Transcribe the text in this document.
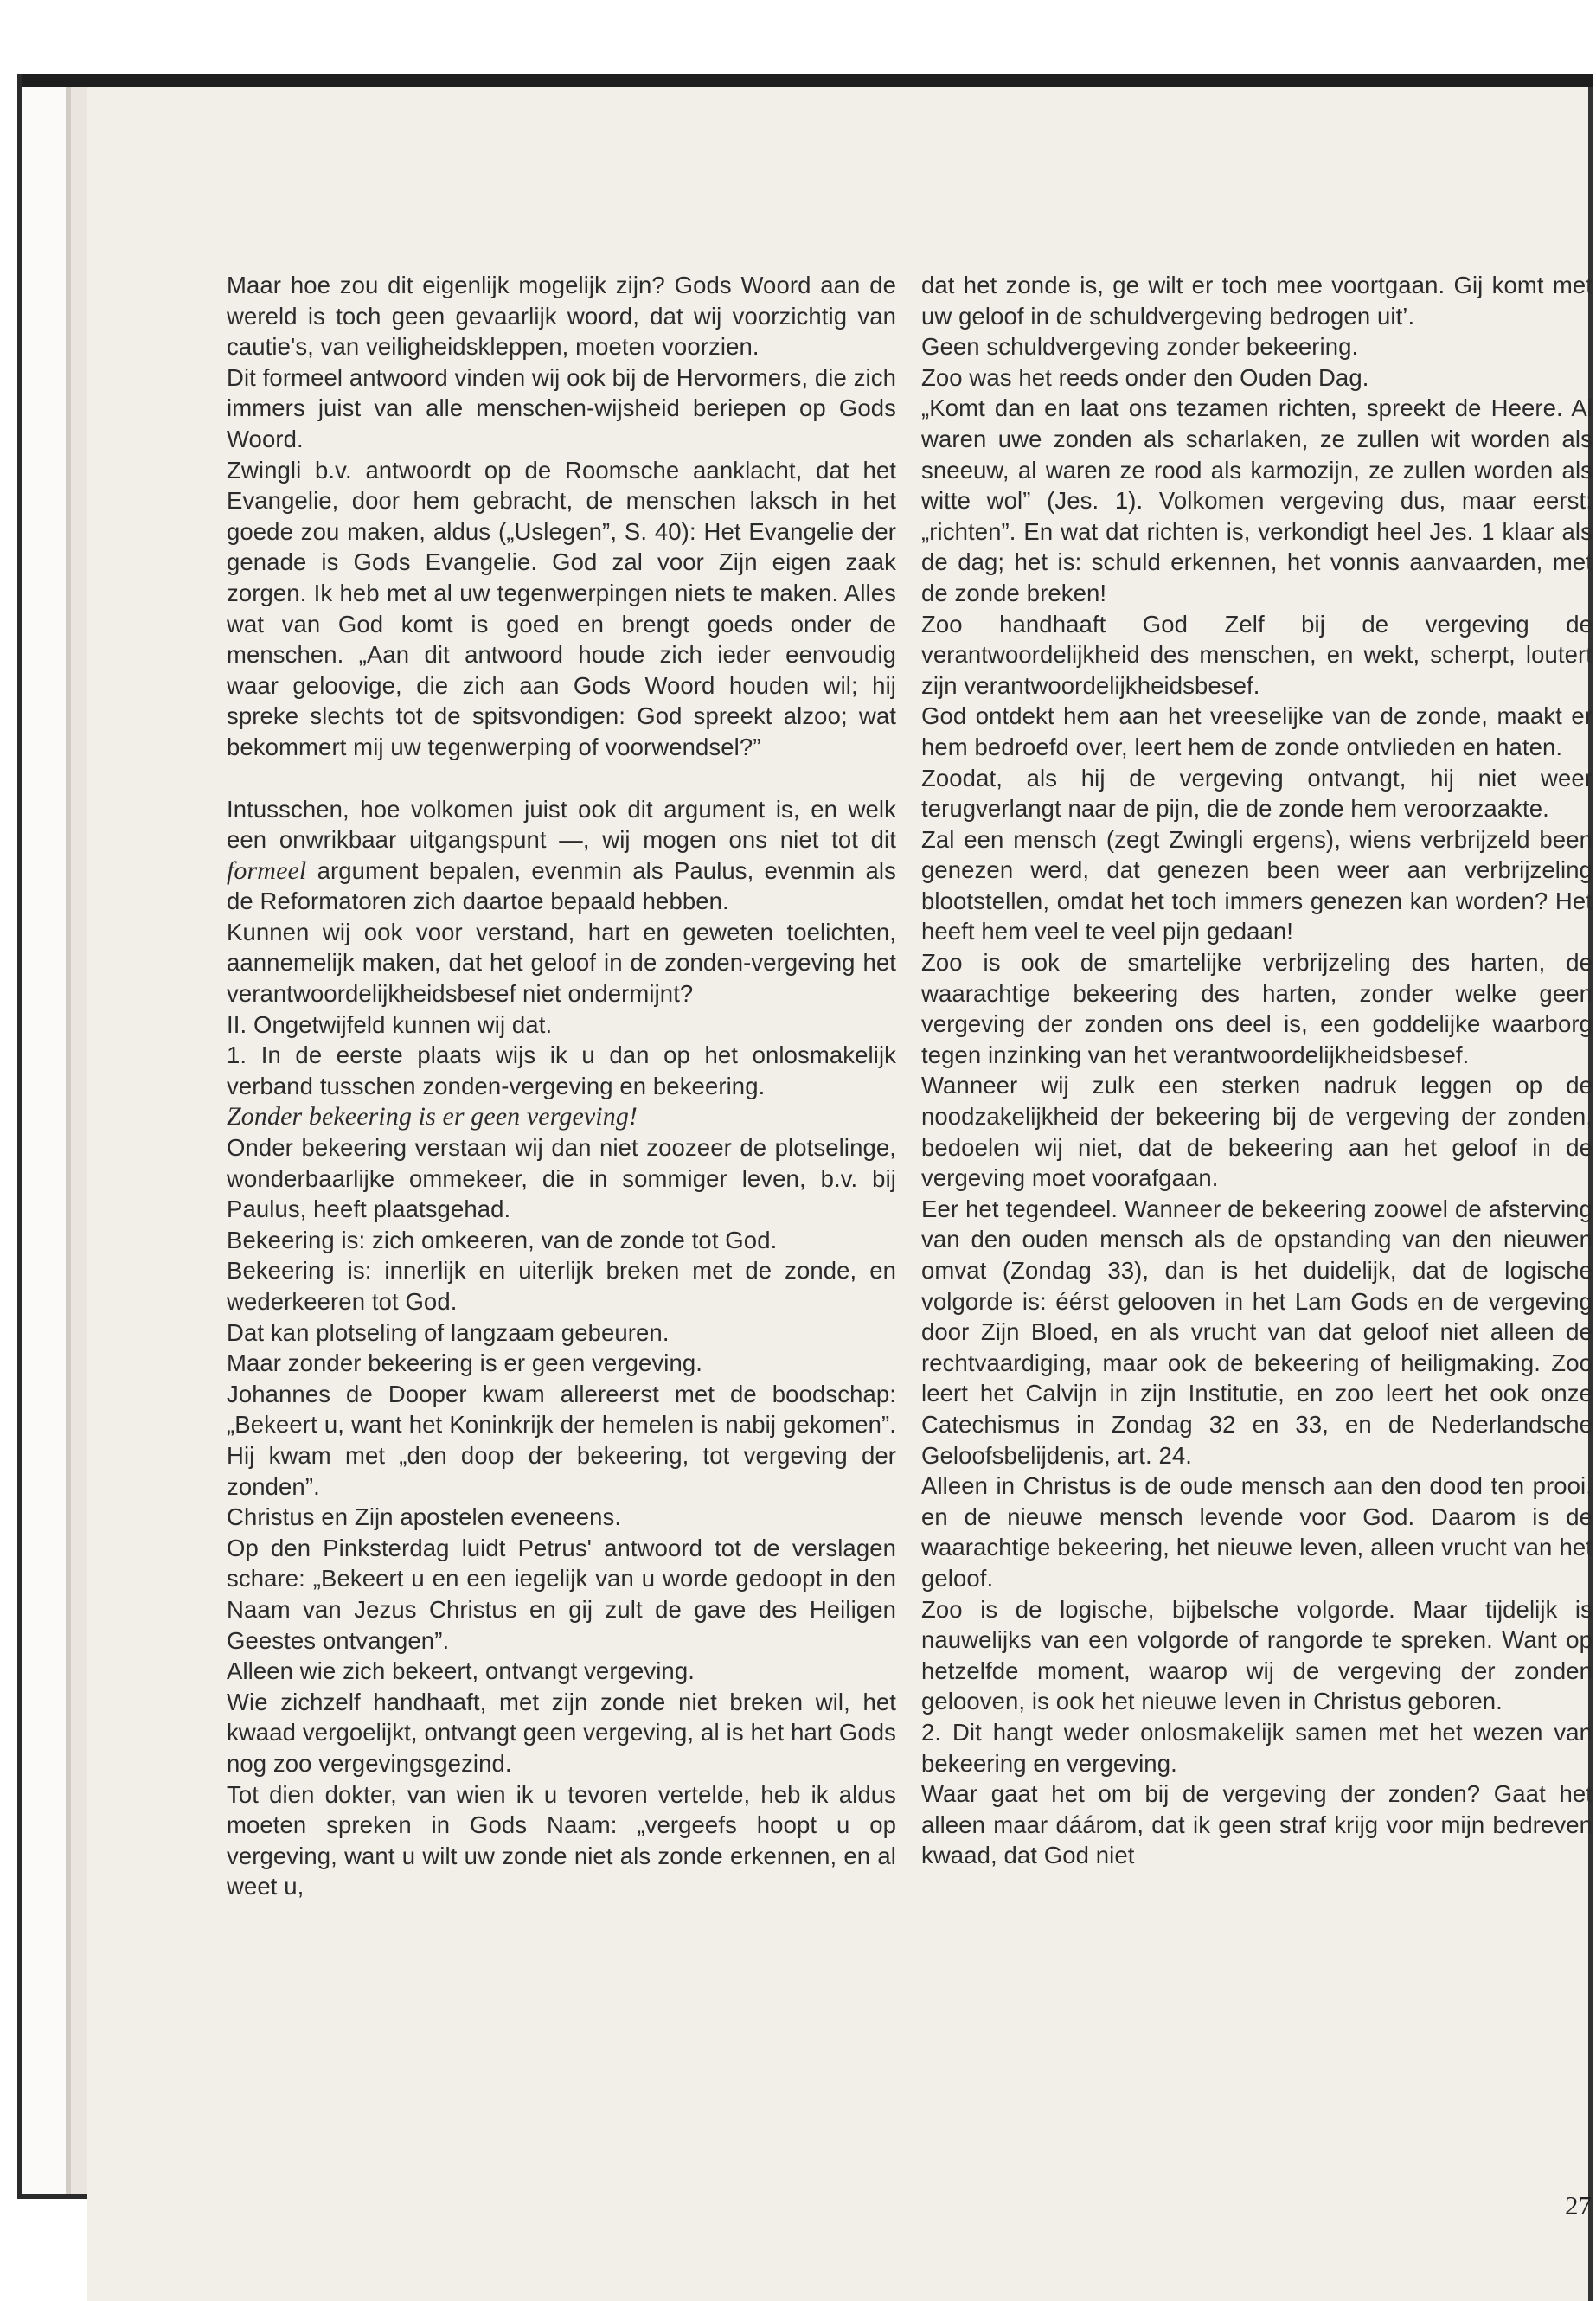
Maar hoe zou dit eigenlijk mogelijk zijn? Gods Woord aan de wereld is toch geen gevaarlijk woord, dat wij voorzichtig van cautie's, van veiligheidskleppen, moeten voorzien.

Dit formeel antwoord vinden wij ook bij de Hervormers, die zich immers juist van alle menschen-wijsheid beriepen op Gods Woord.

Zwingli b.v. antwoordt op de Roomsche aanklacht, dat het Evangelie, door hem gebracht, de menschen laksch in het goede zou maken, aldus („Uslegen”, S. 40): Het Evangelie der genade is Gods Evangelie. God zal voor Zijn eigen zaak zorgen. Ik heb met al uw tegenwerpingen niets te maken. Alles wat van God komt is goed en brengt goeds onder de menschen. „Aan dit antwoord houde zich ieder eenvoudig waar geloovige, die zich aan Gods Woord houden wil; hij spreke slechts tot de spitsvondigen: God spreekt alzoo; wat bekommert mij uw tegenwerping of voorwendsel?”

Intusschen, hoe volkomen juist ook dit argument is, en welk een onwrikbaar uitgangspunt —, wij mogen ons niet tot dit formeel argument bepalen, evenmin als Paulus, evenmin als de Reformatoren zich daartoe bepaald hebben.

Kunnen wij ook voor verstand, hart en geweten toelichten, aannemelijk maken, dat het geloof in de zonden-vergeving het verantwoordelijkheidsbesef niet ondermijnt?

II. Ongetwijfeld kunnen wij dat.

1. In de eerste plaats wijs ik u dan op het onlosmakelijk verband tusschen zonden-vergeving en bekeering.

Zonder bekeering is er geen vergeving!

Onder bekeering verstaan wij dan niet zoozeer de plotselinge, wonderbaarlijke ommekeer, die in sommiger leven, b.v. bij Paulus, heeft plaatsgehad.

Bekeering is: zich omkeeren, van de zonde tot God.

Bekeering is: innerlijk en uiterlijk breken met de zonde, en wederkeeren tot God.

Dat kan plotseling of langzaam gebeuren.

Maar zonder bekeering is er geen vergeving.

Johannes de Dooper kwam allereerst met de boodschap: „Bekeert u, want het Koninkrijk der hemelen is nabij gekomen”. Hij kwam met „den doop der bekeering, tot vergeving der zonden”.

Christus en Zijn apostelen eveneens.

Op den Pinksterdag luidt Petrus' antwoord tot de verslagen schare: „Bekeert u en een iegelijk van u worde gedoopt in den Naam van Jezus Christus en gij zult de gave des Heiligen Geestes ontvangen”.

Alleen wie zich bekeert, ontvangt vergeving.

Wie zichzelf handhaaft, met zijn zonde niet breken wil, het kwaad vergoelijkt, ontvangt geen vergeving, al is het hart Gods nog zoo vergevingsgezind.

Tot dien dokter, van wien ik u tevoren vertelde, heb ik aldus moeten spreken in Gods Naam: „vergeefs hoopt u op vergeving, want u wilt uw zonde niet als zonde erkennen, en al weet u,

dat het zonde is, ge wilt er toch mee voortgaan. Gij komt met uw geloof in de schuldvergeving bedrogen uit’.

Geen schuldvergeving zonder bekeering.

Zoo was het reeds onder den Ouden Dag.

„Komt dan en laat ons tezamen richten, spreekt de Heere. Al waren uwe zonden als scharlaken, ze zullen wit worden als sneeuw, al waren ze rood als karmozijn, ze zullen worden als witte wol” (Jes. 1). Volkomen vergeving dus, maar eerst: „richten”. En wat dat richten is, verkondigt heel Jes. 1 klaar als de dag; het is: schuld erkennen, het vonnis aanvaarden, met de zonde breken!

Zoo handhaaft God Zelf bij de vergeving de verantwoordelijkheid des menschen, en wekt, scherpt, loutert zijn verantwoordelijkheidsbesef.

God ontdekt hem aan het vreeselijke van de zonde, maakt er hem bedroefd over, leert hem de zonde ontvlieden en haten.

Zoodat, als hij de vergeving ontvangt, hij niet weer terugverlangt naar de pijn, die de zonde hem veroorzaakte.

Zal een mensch (zegt Zwingli ergens), wiens verbrijzeld been genezen werd, dat genezen been weer aan verbrijzeling blootstellen, omdat het toch immers genezen kan worden? Het heeft hem veel te veel pijn gedaan!

Zoo is ook de smartelijke verbrijzeling des harten, de waarachtige bekeering des harten, zonder welke geen vergeving der zonden ons deel is, een goddelijke waarborg tegen inzinking van het verantwoordelijkheidsbesef.

Wanneer wij zulk een sterken nadruk leggen op de noodzakelijkheid der bekeering bij de vergeving der zonden, bedoelen wij niet, dat de bekeering aan het geloof in de vergeving moet voorafgaan.

Eer het tegendeel. Wanneer de bekeering zoowel de afsterving van den ouden mensch als de opstanding van den nieuwen omvat (Zondag 33), dan is het duidelijk, dat de logische volgorde is: éérst gelooven in het Lam Gods en de vergeving door Zijn Bloed, en als vrucht van dat geloof niet alleen de rechtvaardiging, maar ook de bekeering of heiligmaking. Zoo leert het Calvijn in zijn Institutie, en zoo leert het ook onze Catechismus in Zondag 32 en 33, en de Nederlandsche Geloofsbelijdenis, art. 24.

Alleen in Christus is de oude mensch aan den dood ten prooi, en de nieuwe mensch levende voor God. Daarom is de waarachtige bekeering, het nieuwe leven, alleen vrucht van het geloof.

Zoo is de logische, bijbelsche volgorde. Maar tijdelijk is nauwelijks van een volgorde of rangorde te spreken. Want op hetzelfde moment, waarop wij de vergeving der zonden gelooven, is ook het nieuwe leven in Christus geboren.

2. Dit hangt weder onlosmakelijk samen met het wezen van bekeering en vergeving.

Waar gaat het om bij de vergeving der zonden? Gaat het alleen maar dáárom, dat ik geen straf krijg voor mijn bedreven kwaad, dat God niet

27
